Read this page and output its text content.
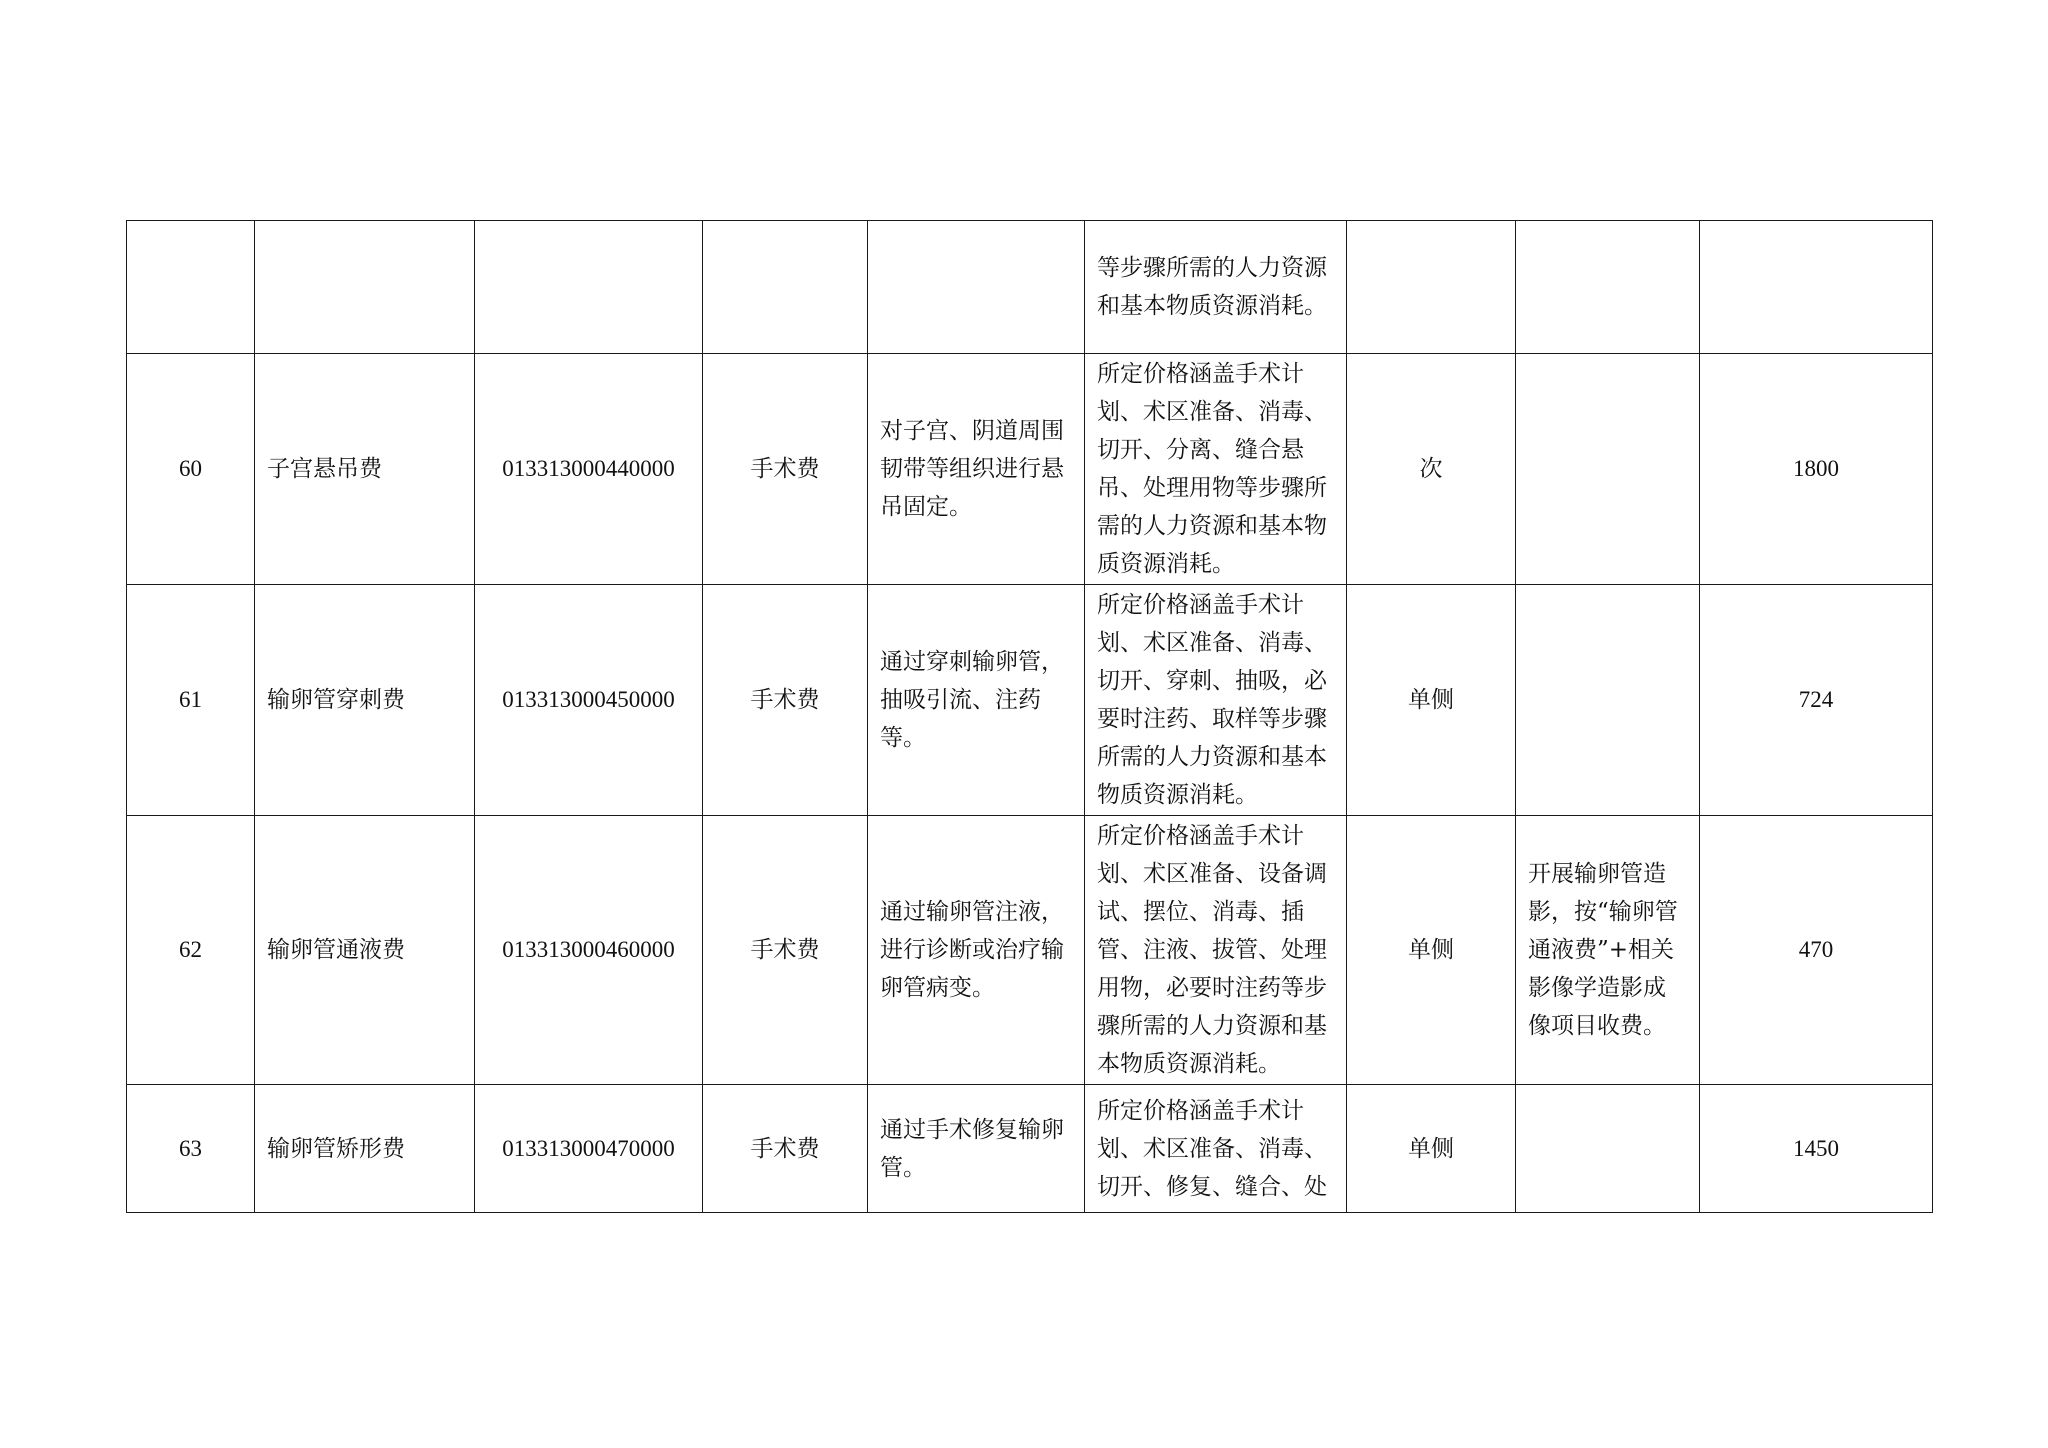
					等步骤所需的人力资源和基本物质资源消耗。			
60	子宫悬吊费	013313000440000	手术费	对子宫、阴道周围韧带等组织进行悬吊固定。	所定价格涵盖手术计划、术区准备、消毒、切开、分离、缝合悬吊、处理用物等步骤所需的人力资源和基本物质资源消耗。	次		1800
61	输卵管穿刺费	013313000450000	手术费	通过穿刺输卵管，抽吸引流、注药等。	所定价格涵盖手术计划、术区准备、消毒、切开、穿刺、抽吸，必要时注药、取样等步骤所需的人力资源和基本物质资源消耗。	单侧		724
62	输卵管通液费	013313000460000	手术费	通过输卵管注液，进行诊断或治疗输卵管病变。	所定价格涵盖手术计划、术区准备、设备调试、摆位、消毒、插管、注液、拔管、处理用物，必要时注药等步骤所需的人力资源和基本物质资源消耗。	单侧	开展输卵管造影，按“输卵管通液费”+相关影像学造影成像项目收费。	470
63	输卵管矫形费	013313000470000	手术费	通过手术修复输卵管。	所定价格涵盖手术计划、术区准备、消毒、切开、修复、缝合、处	单侧		1450
